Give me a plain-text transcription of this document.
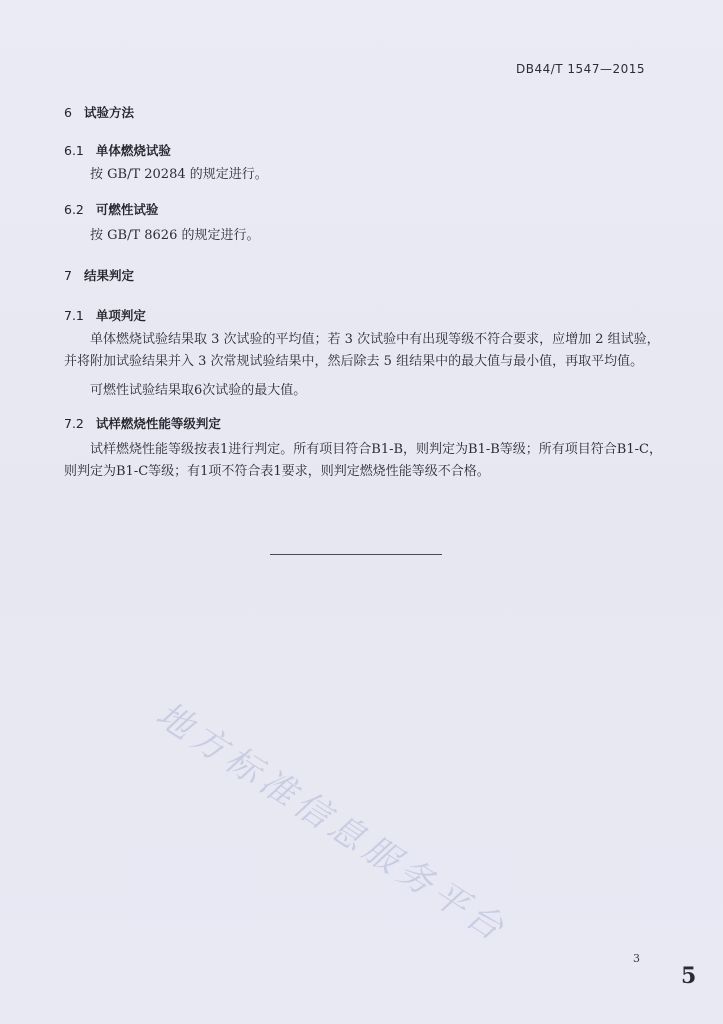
DB44/T 1547—2015
6 试验方法
6.1 单体燃烧试验
按 GB/T 20284 的规定进行。
6.2 可燃性试验
按 GB/T 8626 的规定进行。
7 结果判定
7.1 单项判定
单体燃烧试验结果取 3 次试验的平均值；若 3 次试验中有出现等级不符合要求，应增加 2 组试验，
并将附加试验结果并入 3 次常规试验结果中，然后除去 5 组结果中的最大值与最小值，再取平均值。
可燃性试验结果取6次试验的最大值。
7.2 试样燃烧性能等级判定
试样燃烧性能等级按表1进行判定。所有项目符合B1-B，则判定为B1-B等级；所有项目符合B1-C，
则判定为B1-C等级；有1项不符合表1要求，则判定燃烧性能等级不合格。
地方标准信息服务平台
3
5
